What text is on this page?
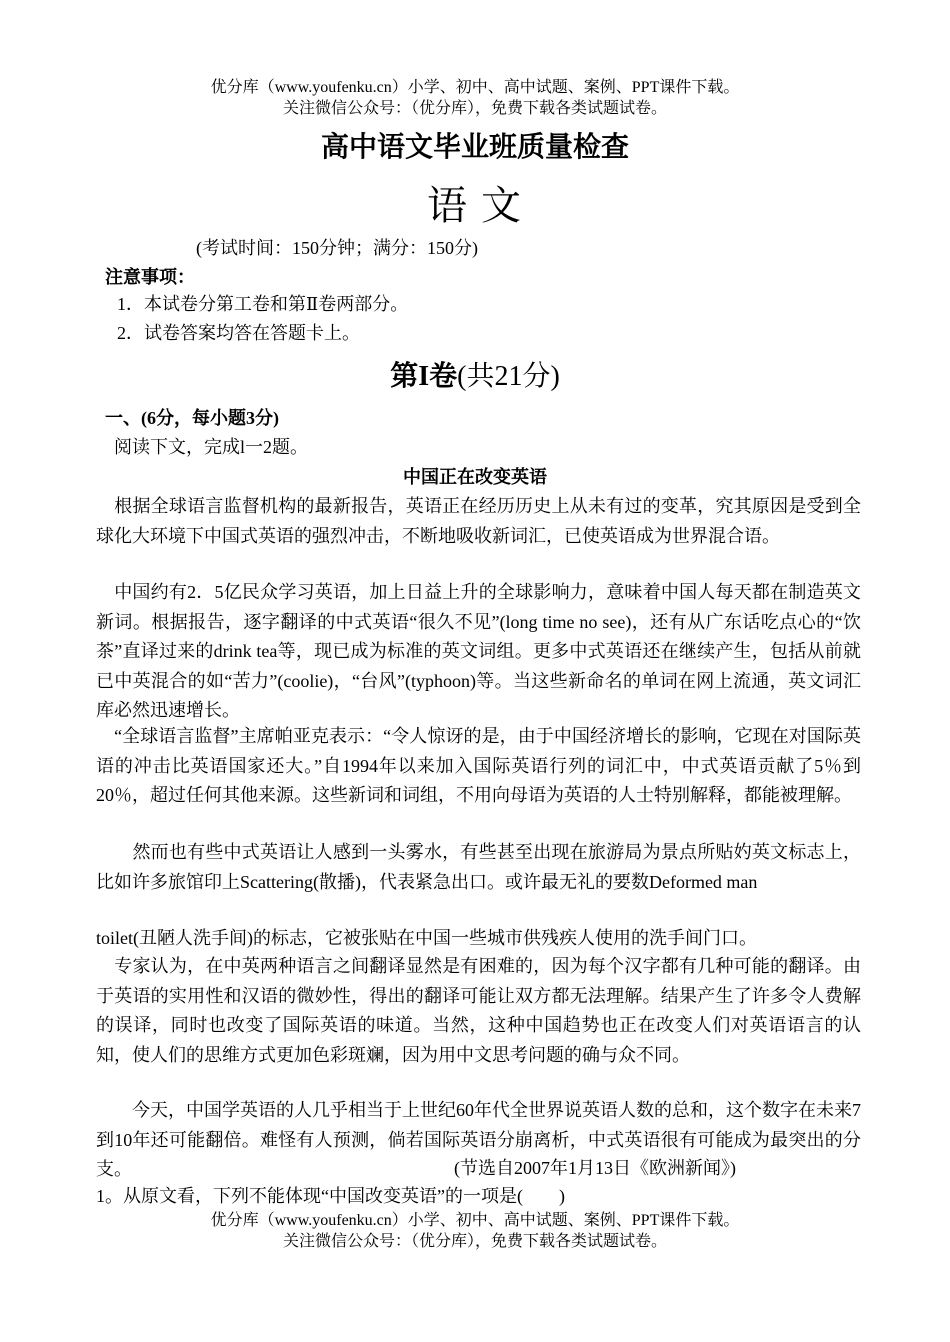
优分库（www.youfenku.cn）小学、初中、高中试题、案例、PPT课件下载。
关注微信公众号：（优分库），免费下载各类试题试卷。
高中语文毕业班质量检查
语 文
(考试时间：150分钟；满分：150分)
注意事项：
1．本试卷分第工卷和第Ⅱ卷两部分。
2．试卷答案均答在答题卡上。
第I卷(共21分)
一、(6分，每小题3分)
阅读下文，完成l一2题。
中国正在改变英语

　根据全球语言监督机构的最新报告，英语正在经历历史上从未有过的变革，究其原因是受到全球化大环境下中国式英语的强烈冲击，不断地吸收新词汇，已使英语成为世界混合语。

　中国约有2．5亿民众学习英语，加上日益上升的全球影响力，意味着中国人每天都在制造英文新词。根据报告，逐字翻译的中式英语“很久不见”(long time no see)，还有从广东话吃点心的“饮茶”直译过来的drink tea等，现已成为标准的英文词组。更多中式英语还在继续产生，包括从前就已中英混合的如“苦力”(coolie)，“台风”(typhoon)等。当这些新命名的单词在网上流通，英文词汇库必然迅速增长。

　“全球语言监督”主席帕亚克表示：“令人惊讶的是，由于中国经济增长的影响，它现在对国际英语的冲击比英语国家还大。”自1994年以来加入国际英语行列的词汇中，中式英语贡献了5％到20％，超过任何其他来源。这些新词和词组，不用向母语为英语的人士特别解释，都能被理解。

　　然而也有些中式英语让人感到一头雾水，有些甚至出现在旅游局为景点所贴妁英文标志上，比如许多旅馆印上Scattering(散播)，代表紧急出口。或许最无礼的要数Deformed man

toilet(丑陋人洗手间)的标志，它被张贴在中国一些城市供残疾人使用的洗手间门口。

　专家认为，在中英两种语言之间翻译显然是有困难的，因为每个汉字都有几种可能的翻译。由于英语的实用性和汉语的微妙性，得出的翻译可能让双方都无法理解。结果产生了许多令人费解的误译，同时也改变了国际英语的味道。当然，这种中国趋势也正在改变人们对英语语言的认知，使人们的思维方式更加色彩斑斓，因为用中文思考问题的确与众不同。

　　今天，中国学英语的人几乎相当于上世纪60年代全世界说英语人数的总和，这个数字在未来7到10年还可能翻倍。难怪有人预测，倘若国际英语分崩离析，中式英语很有可能成为最突出的分支。	(节选自2007年1月13日《欧洲新闻》)
1。从原文看，下列不能体现“中国改变英语”的一项是(　　)
优分库（www.youfenku.cn）小学、初中、高中试题、案例、PPT课件下载。
关注微信公众号：（优分库），免费下载各类试题试卷。
